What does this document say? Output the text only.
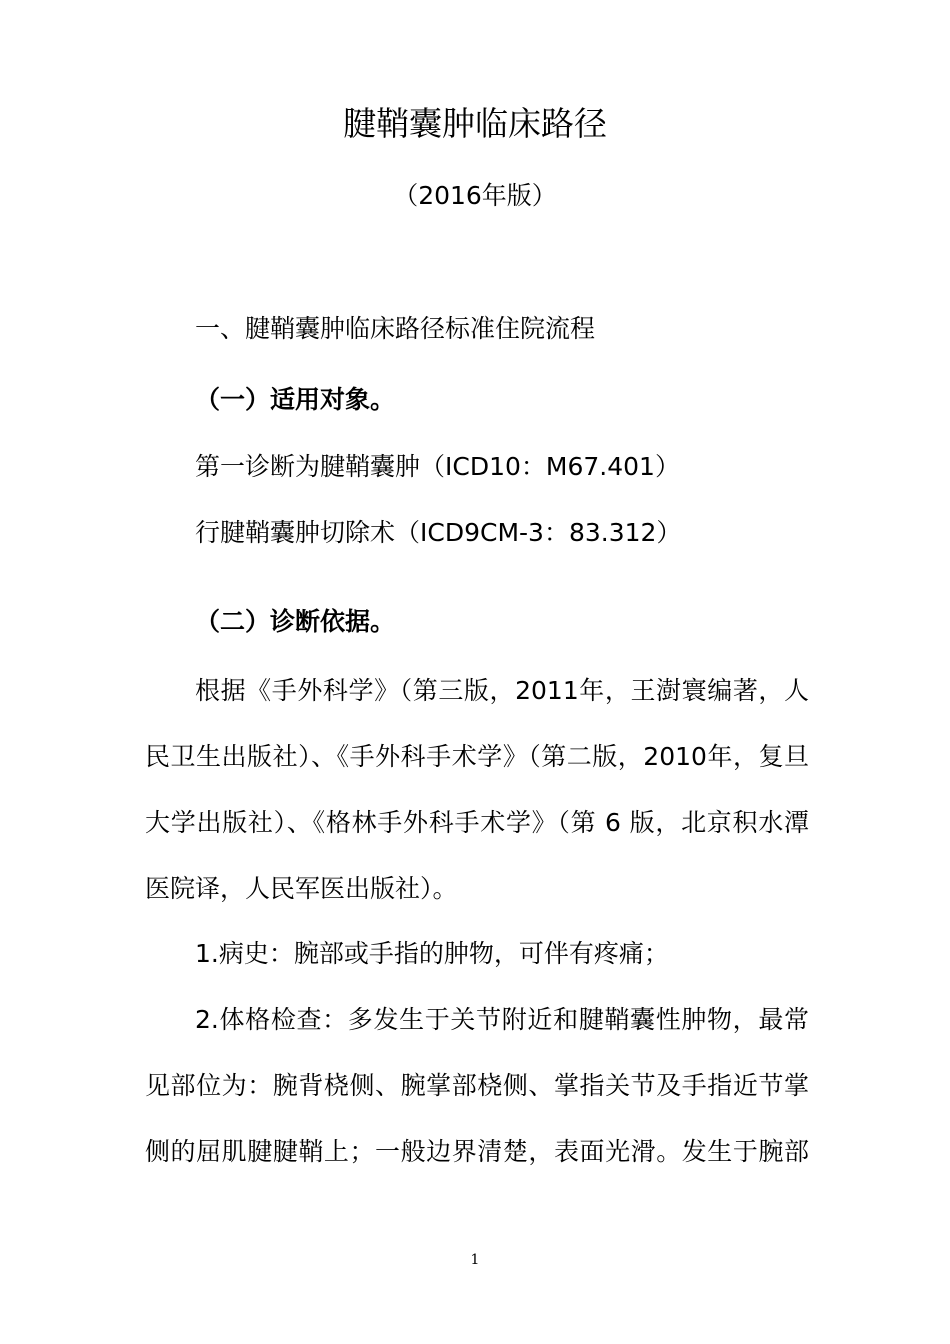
腱鞘囊肿临床路径
（2016年版）
一、腱鞘囊肿临床路径标准住院流程
（一）适用对象。
第一诊断为腱鞘囊肿（ICD10：M67.401）
行腱鞘囊肿切除术（ICD9CM-3：83.312）
（二）诊断依据。
根据《手外科学》（第三版，2011年，王澍寰编著，人
民卫生出版社）、《手外科手术学》（第二版，2010年，复旦
大学出版社）、《格林手外科手术学》（第 6 版，北京积水潭
医院译，人民军医出版社）。
1.病史：腕部或手指的肿物，可伴有疼痛；
2.体格检查：多发生于关节附近和腱鞘囊性肿物，最常
见部位为：腕背桡侧、腕掌部桡侧、掌指关节及手指近节掌
侧的屈肌腱腱鞘上；一般边界清楚，表面光滑。发生于腕部
1
